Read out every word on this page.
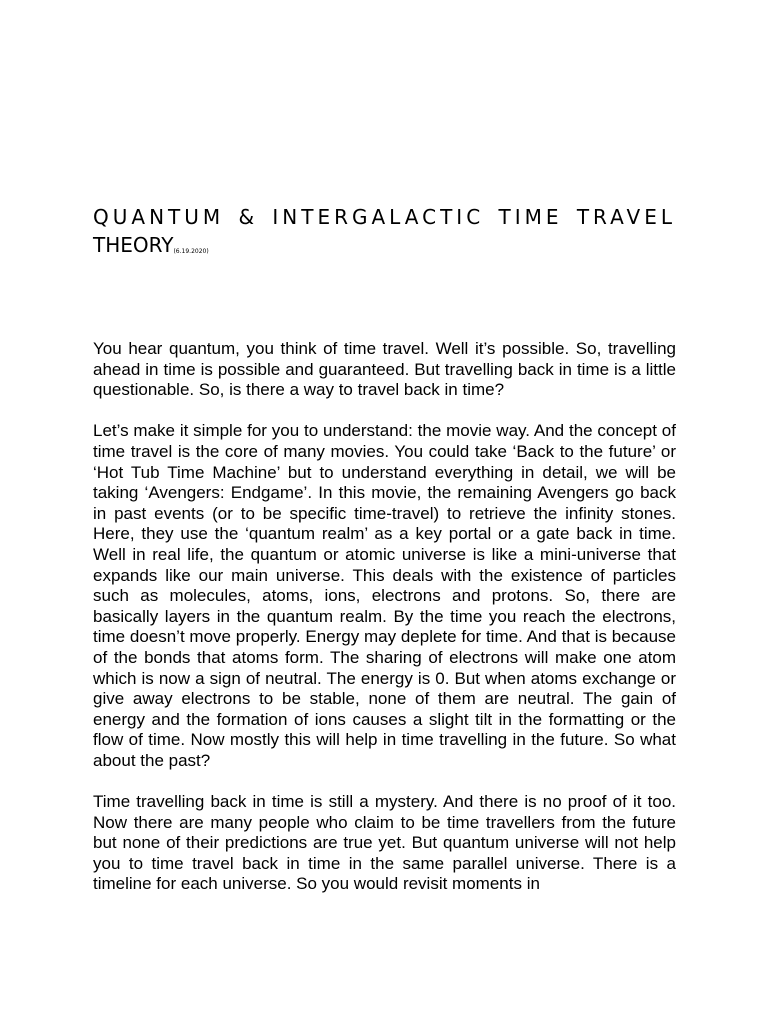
QUANTUM & INTERGALACTIC TIME TRAVEL
THEORY(6.19.2020)

You hear quantum, you think of time travel. Well it’s possible. So, travelling ahead in time is possible and guaranteed. But travelling back in time is a little questionable. So, is there a way to travel back in time?

Let’s make it simple for you to understand: the movie way. And the concept of time travel is the core of many movies. You could take ‘Back to the future’ or ‘Hot Tub Time Machine’ but to understand everything in detail, we will be taking ‘Avengers: Endgame’. In this movie, the remaining Avengers go back in past events (or to be specific time-travel) to retrieve the infinity stones. Here, they use the ‘quantum realm’ as a key portal or a gate back in time. Well in real life, the quantum or atomic universe is like a mini-universe that expands like our main universe. This deals with the existence of particles such as molecules, atoms, ions, electrons and protons. So, there are basically layers in the quantum realm. By the time you reach the electrons, time doesn’t move properly. Energy may deplete for time. And that is because of the bonds that atoms form. The sharing of electrons will make one atom which is now a sign of neutral. The energy is 0. But when atoms exchange or give away electrons to be stable, none of them are neutral. The gain of energy and the formation of ions causes a slight tilt in the formatting or the flow of time. Now mostly this will help in time travelling in the future. So what about the past?

Time travelling back in time is still a mystery. And there is no proof of it too. Now there are many people who claim to be time travellers from the future but none of their predictions are true yet. But quantum universe will not help you to time travel back in time in the same parallel universe. There is a timeline for each universe. So you would revisit moments in
